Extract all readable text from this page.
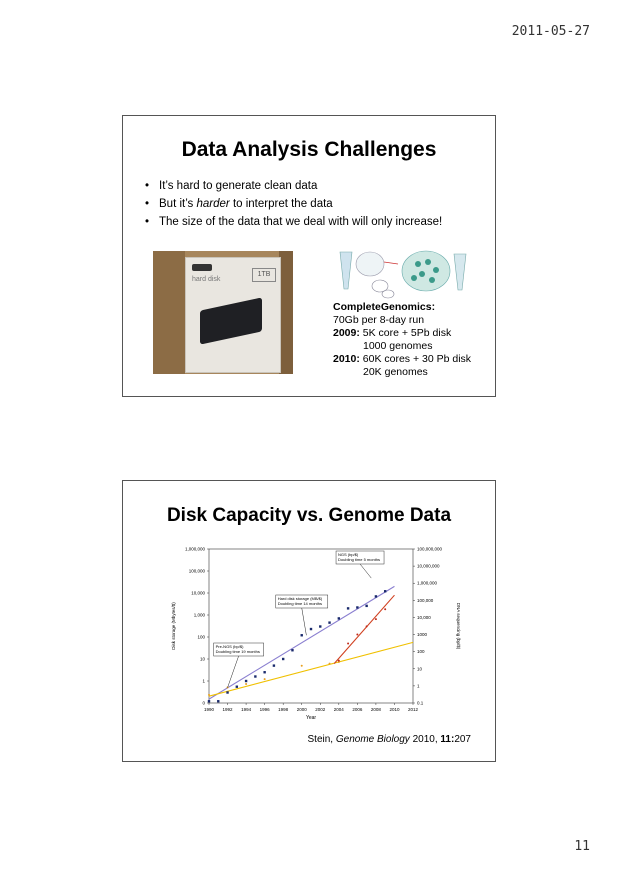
2011-05-27
Data Analysis Challenges
• It’s hard to generate clean data
• But it’s harder to interpret the data
• The size of the data that we deal with will only increase!
hard disk
1TB
CompleteGenomics:
70Gb per 8-day run
2009: 5K core + 5Pb disk
1000 genomes
2010: 60K cores + 30 Pb disk
20K genomes
Disk Capacity vs. Genome Data
1990 1992 1994 1996 1998 2000 2002 2004 2006 2008 2010 2012
0
1
10
100
1,000
10,000
100,000
1,000,000
0.1
1
10
100
1000
10,000
100,000
1,000,000
10,000,000
100,000,000
Year
Disk storage (Mbytes/$)	DNA sequencing (bp/$)
NGS (bp/$)
Doubling time 5 months
Hard disk storage (MB/$)
Doubling time 14 months
Pre-NGS (bp/$)
Doubling time 19 months
Stein, Genome Biology 2010, 11:207
11
